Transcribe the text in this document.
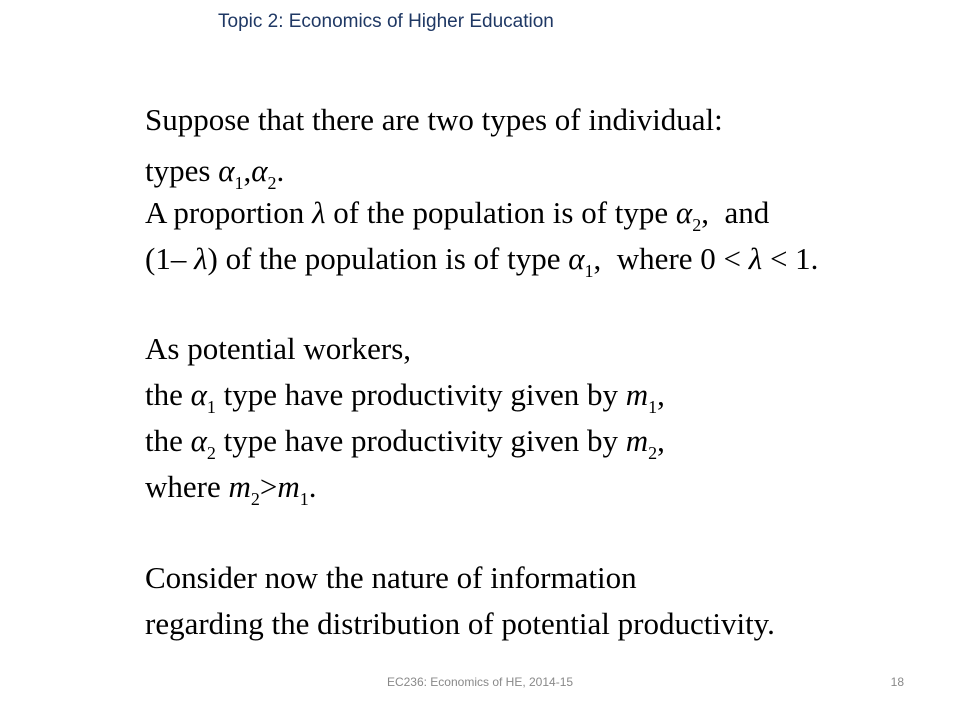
Topic 2: Economics of Higher Education
Suppose that there are two types of individual:
types $\alpha_1,\alpha_2$.
A proportion λ of the population is of type $\alpha_2$,  and
(1– λ) of the population is of type $\alpha_1$,  where 0 < λ < 1.
As potential workers,
the $\alpha_1$ type have productivity given by $m_1$,
the $\alpha_2$ type have productivity given by $m_2$,
where $m_2>m_1$.
Consider now the nature of information
regarding the distribution of potential productivity.
EC236: Economics of HE, 2014-15	18
